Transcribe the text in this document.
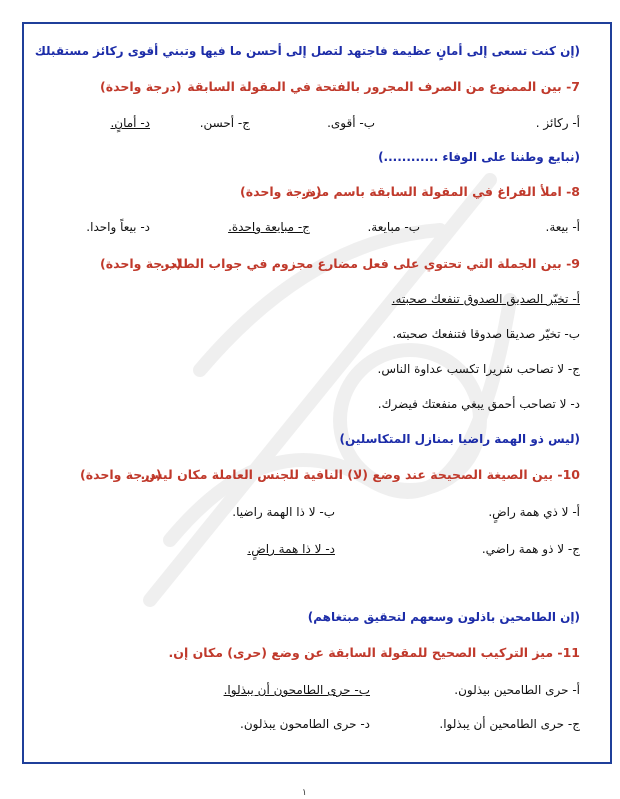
(إن كنت تسعى إلى أمانٍ عظيمة فاجتهد لتصل إلى أحسن ما فيها وتبني أقوى ركائز مستقبلك
7- بين الممنوع من الصرف المجرور بالفتحة في المقولة السابقة
(درجة واحدة)
أ- ركائز .
ب- أقوى.
ج- أحسن.
د- أمانٍ.
(نبايع وطننا على الوفاء ............)
8- املأ الفراغ في المقولة السابقة باسم مرة.
(درجة واحدة)
أ- بيعة.
ب- مبايعة.
ج- مبايعة واحدة.
د- بيعاً واحدا.
9- بين الجملة التي تحتوي على فعل مضارع مجزوم في جواب الطلب.
(درجة واحدة)
أ- تخيّر الصديق الصدوق تنفعك صحبته.
ب- تخيّر صديقا صدوقا فتنفعك صحبته.
ج- لا تصاحب شريرا تكسب عداوة الناس.
د- لا تصاحب أحمق يبغي منفعتك فيضرك.
(ليس ذو الهمة راضيا بمنازل المتكاسلين)
10- بين الصيغة الصحيحة عند وضع (لا) النافية للجنس العاملة مكان ليس.
(درجة واحدة)
أ- لا ذي همة راضٍ.
ب- لا ذا الهمة راضيا.
ج- لا ذو همة راضي.
د- لا ذا همة راضٍ.
(إن الطامحين باذلون وسعهم لتحقيق مبتغاهم)
11- ميز التركيب الصحيح للمقولة السابقة عن وضع (حرى) مكان إن.
أ- حرى الطامحين بيذلون.
ب- حرى الطامحون أن يبذلوا.
ج- حرى الطامحين أن يبذلوا.
د- حرى الطامحون يبذلون.
١
